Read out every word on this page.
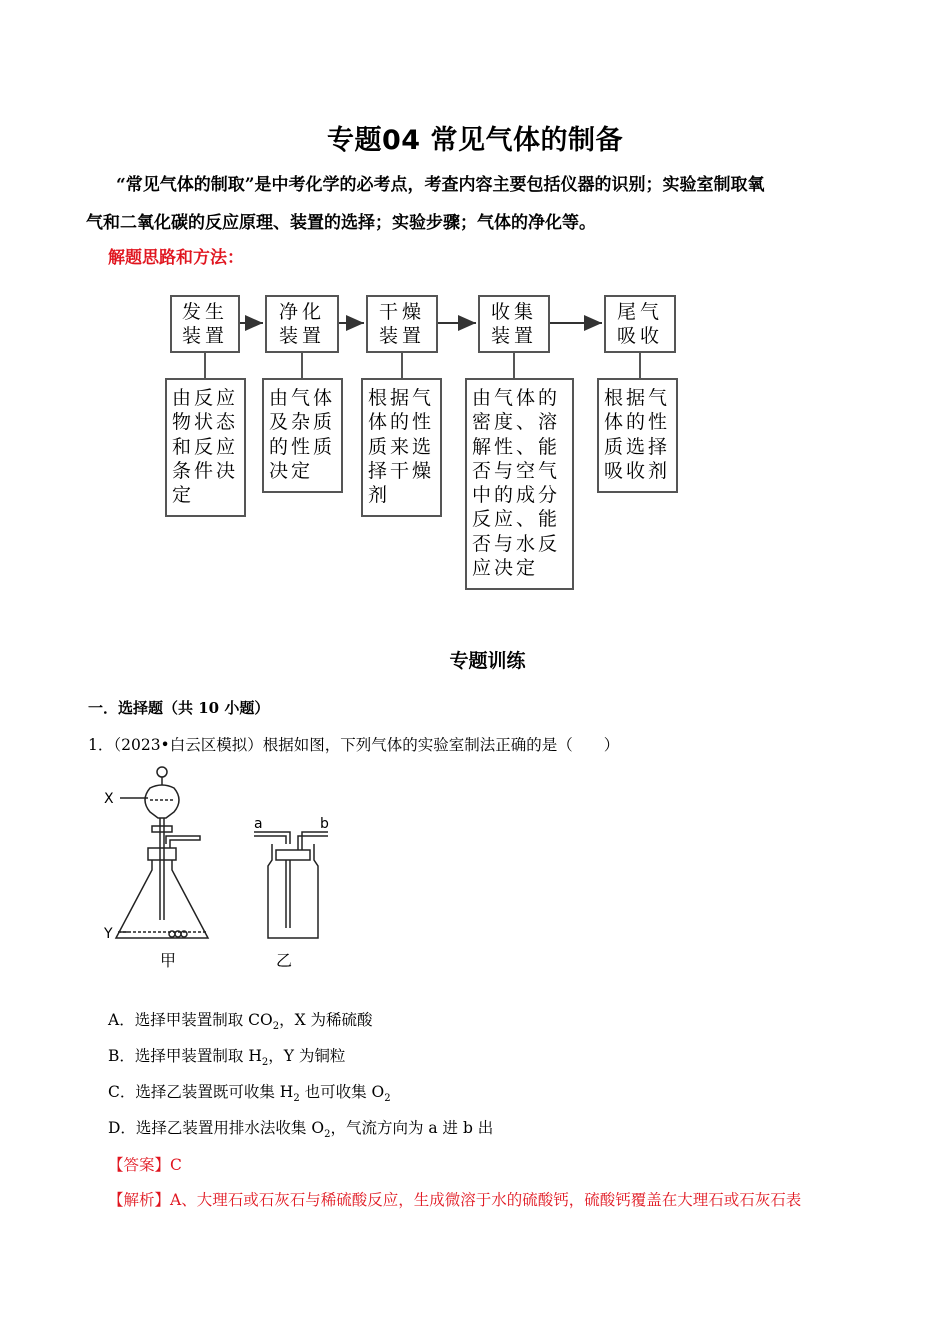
专题04 常见气体的制备
“常见气体的制取”是中考化学的必考点，考查内容主要包括仪器的识别；实验室制取氧
气和二氧化碳的反应原理、装置的选择；实验步骤；气体的净化等。
解题思路和方法：
发生
装置
净化
装置
干燥
装置
收集
装置
尾气
吸收
由反应
物状态
和反应
条件决
定
由气体
及杂质
的性质
决定
根据气
体的性
质来选
择干燥
剂
由气体的
密度、溶
解性、能
否与空气
中的成分
反应、能
否与水反
应决定
根据气
体的性
质选择
吸收剂
专题训练
一．选择题（共 10 小题）
1．（2023•白云区模拟）根据如图，下列气体的实验室制法正确的是（　　）
X
Y
a	b
甲	乙
A．选择甲装置制取 $CO_2$，X 为稀硫酸
B．选择甲装置制取 $H_2$，Y 为铜粒
C．选择乙装置既可收集 $H_2$ 也可收集 $O_2$
D．选择乙装置用排水法收集 $O_2$，气流方向为 a 进 b 出
【答案】C
【解析】A、大理石或石灰石与稀硫酸反应，生成微溶于水的硫酸钙，硫酸钙覆盖在大理石或石灰石表
